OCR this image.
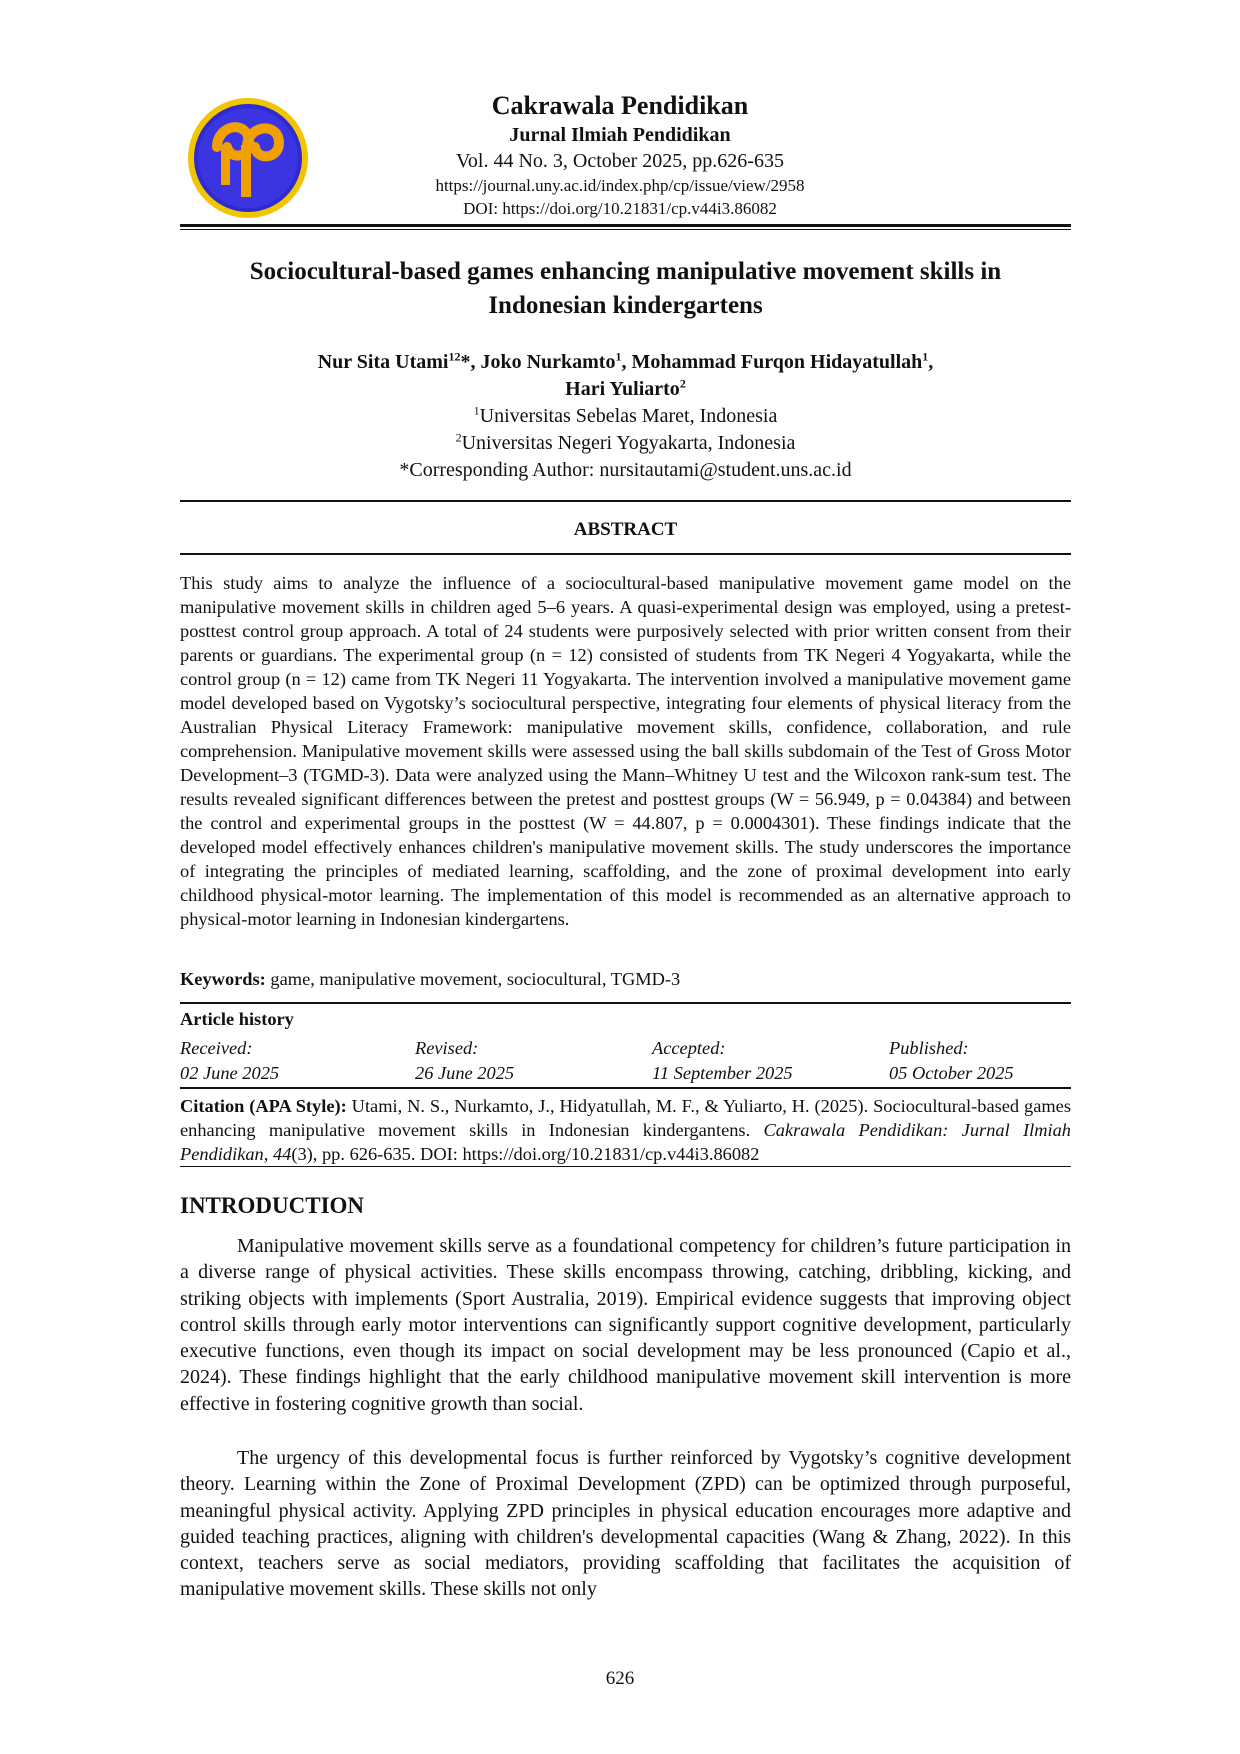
Cakrawala Pendidikan
Jurnal Ilmiah Pendidikan
Vol. 44 No. 3, October 2025, pp.626-635
https://journal.uny.ac.id/index.php/cp/issue/view/2958
DOI: https://doi.org/10.21831/cp.v44i3.86082
Sociocultural-based games enhancing manipulative movement skills in
Indonesian kindergartens
Nur Sita Utami$^{12}$*, Joko Nurkamto$^1$, Mohammad Furqon Hidayatullah$^1$,
Hari Yuliarto$^2$
$^1$Universitas Sebelas Maret, Indonesia
$^2$Universitas Negeri Yogyakarta, Indonesia
*Corresponding Author: nursitautami@student.uns.ac.id
ABSTRACT
This study aims to analyze the influence of a sociocultural-based manipulative movement game model on the manipulative movement skills in children aged 5–6 years. A quasi-experimental design was employed, using a pretest-posttest control group approach. A total of 24 students were purposively selected with prior written consent from their parents or guardians. The experimental group (n = 12) consisted of students from TK Negeri 4 Yogyakarta, while the control group (n = 12) came from TK Negeri 11 Yogyakarta. The intervention involved a manipulative movement game model developed based on Vygotsky’s sociocultural perspective, integrating four elements of physical literacy from the Australian Physical Literacy Framework: manipulative movement skills, confidence, collaboration, and rule comprehension. Manipulative movement skills were assessed using the ball skills subdomain of the Test of Gross Motor Development–3 (TGMD-3). Data were analyzed using the Mann–Whitney U test and the Wilcoxon rank-sum test. The results revealed significant differences between the pretest and posttest groups (W = 56.949, p = 0.04384) and between the control and experimental groups in the posttest (W = 44.807, p = 0.0004301). These findings indicate that the developed model effectively enhances children's manipulative movement skills. The study underscores the importance of integrating the principles of mediated learning, scaffolding, and the zone of proximal development into early childhood physical-motor learning. The implementation of this model is recommended as an alternative approach to physical-motor learning in Indonesian kindergartens.
Keywords: game, manipulative movement, sociocultural, TGMD-3
Article history
Received:
02 June 2025
Revised:
26 June 2025
Accepted:
11 September 2025
Published:
05 October 2025
Citation (APA Style): Utami, N. S., Nurkamto, J., Hidyatullah, M. F., & Yuliarto, H. (2025). Sociocultural-based games enhancing manipulative movement skills in Indonesian kindergantens. Cakrawala Pendidikan: Jurnal Ilmiah Pendidikan, 44(3), pp. 626-635. DOI: https://doi.org/10.21831/cp.v44i3.86082
INTRODUCTION

Manipulative movement skills serve as a foundational competency for children’s future participation in a diverse range of physical activities. These skills encompass throwing, catching, dribbling, kicking, and striking objects with implements (Sport Australia, 2019). Empirical evidence suggests that improving object control skills through early motor interventions can significantly support cognitive development, particularly executive functions, even though its impact on social development may be less pronounced (Capio et al., 2024). These findings highlight that the early childhood manipulative movement skill intervention is more effective in fostering cognitive growth than social.

The urgency of this developmental focus is further reinforced by Vygotsky’s cognitive development theory. Learning within the Zone of Proximal Development (ZPD) can be optimized through purposeful, meaningful physical activity. Applying ZPD principles in physical education encourages more adaptive and guided teaching practices, aligning with children's developmental capacities (Wang & Zhang, 2022). In this context, teachers serve as social mediators, providing scaffolding that facilitates the acquisition of manipulative movement skills. These skills not only

626
